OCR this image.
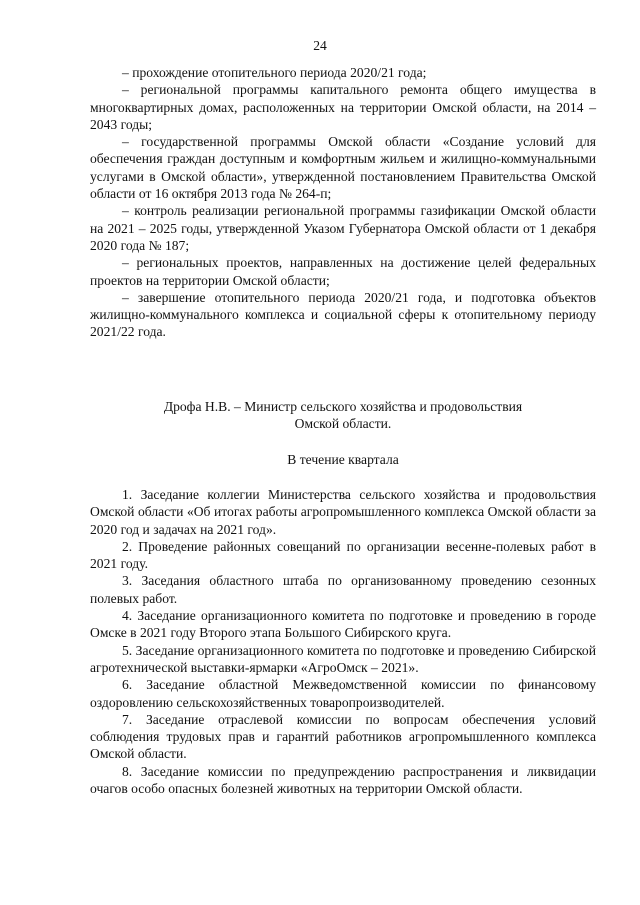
24

– прохождение отопительного периода 2020/21 года;

– региональной программы капитального ремонта общего имущества в многоквартирных домах, расположенных на территории Омской области, на 2014 – 2043 годы;

– государственной программы Омской области «Создание условий для обеспечения граждан доступным и комфортным жильем и жилищно-коммунальными услугами в Омской области», утвержденной постановлением Правительства Омской области от 16 октября 2013 года № 264-п;

– контроль реализации региональной программы газификации Омской области на 2021 – 2025 годы, утвержденной Указом Губернатора Омской области от 1 декабря 2020 года № 187;

– региональных проектов, направленных на достижение целей федеральных проектов на территории Омской области;

– завершение отопительного периода 2020/21 года, и подготовка объектов жилищно-коммунального комплекса и социальной сферы к отопительному периоду 2021/22 года.

Дрофа Н.В. – Министр сельского хозяйства и продовольствия

Омской области.

В течение квартала

1. Заседание коллегии Министерства сельского хозяйства и продовольствия Омской области «Об итогах работы агропромышленного комплекса Омской области за 2020 год и задачах на 2021 год».

2. Проведение районных совещаний по организации весенне-полевых работ в 2021 году.

3. Заседания областного штаба по организованному проведению сезонных полевых работ.

4. Заседание организационного комитета по подготовке и проведению в городе Омске в 2021 году Второго этапа Большого Сибирского круга.

5. Заседание организационного комитета по подготовке и проведению Сибирской агротехнической выставки-ярмарки «АгроОмск – 2021».

6. Заседание областной Межведомственной комиссии по финансовому оздоровлению сельскохозяйственных товаропроизводителей.

7. Заседание отраслевой комиссии по вопросам обеспечения условий соблюдения трудовых прав и гарантий работников агропромышленного комплекса Омской области.

8. Заседание комиссии по предупреждению распространения и ликвидации очагов особо опасных болезней животных на территории Омской области.
